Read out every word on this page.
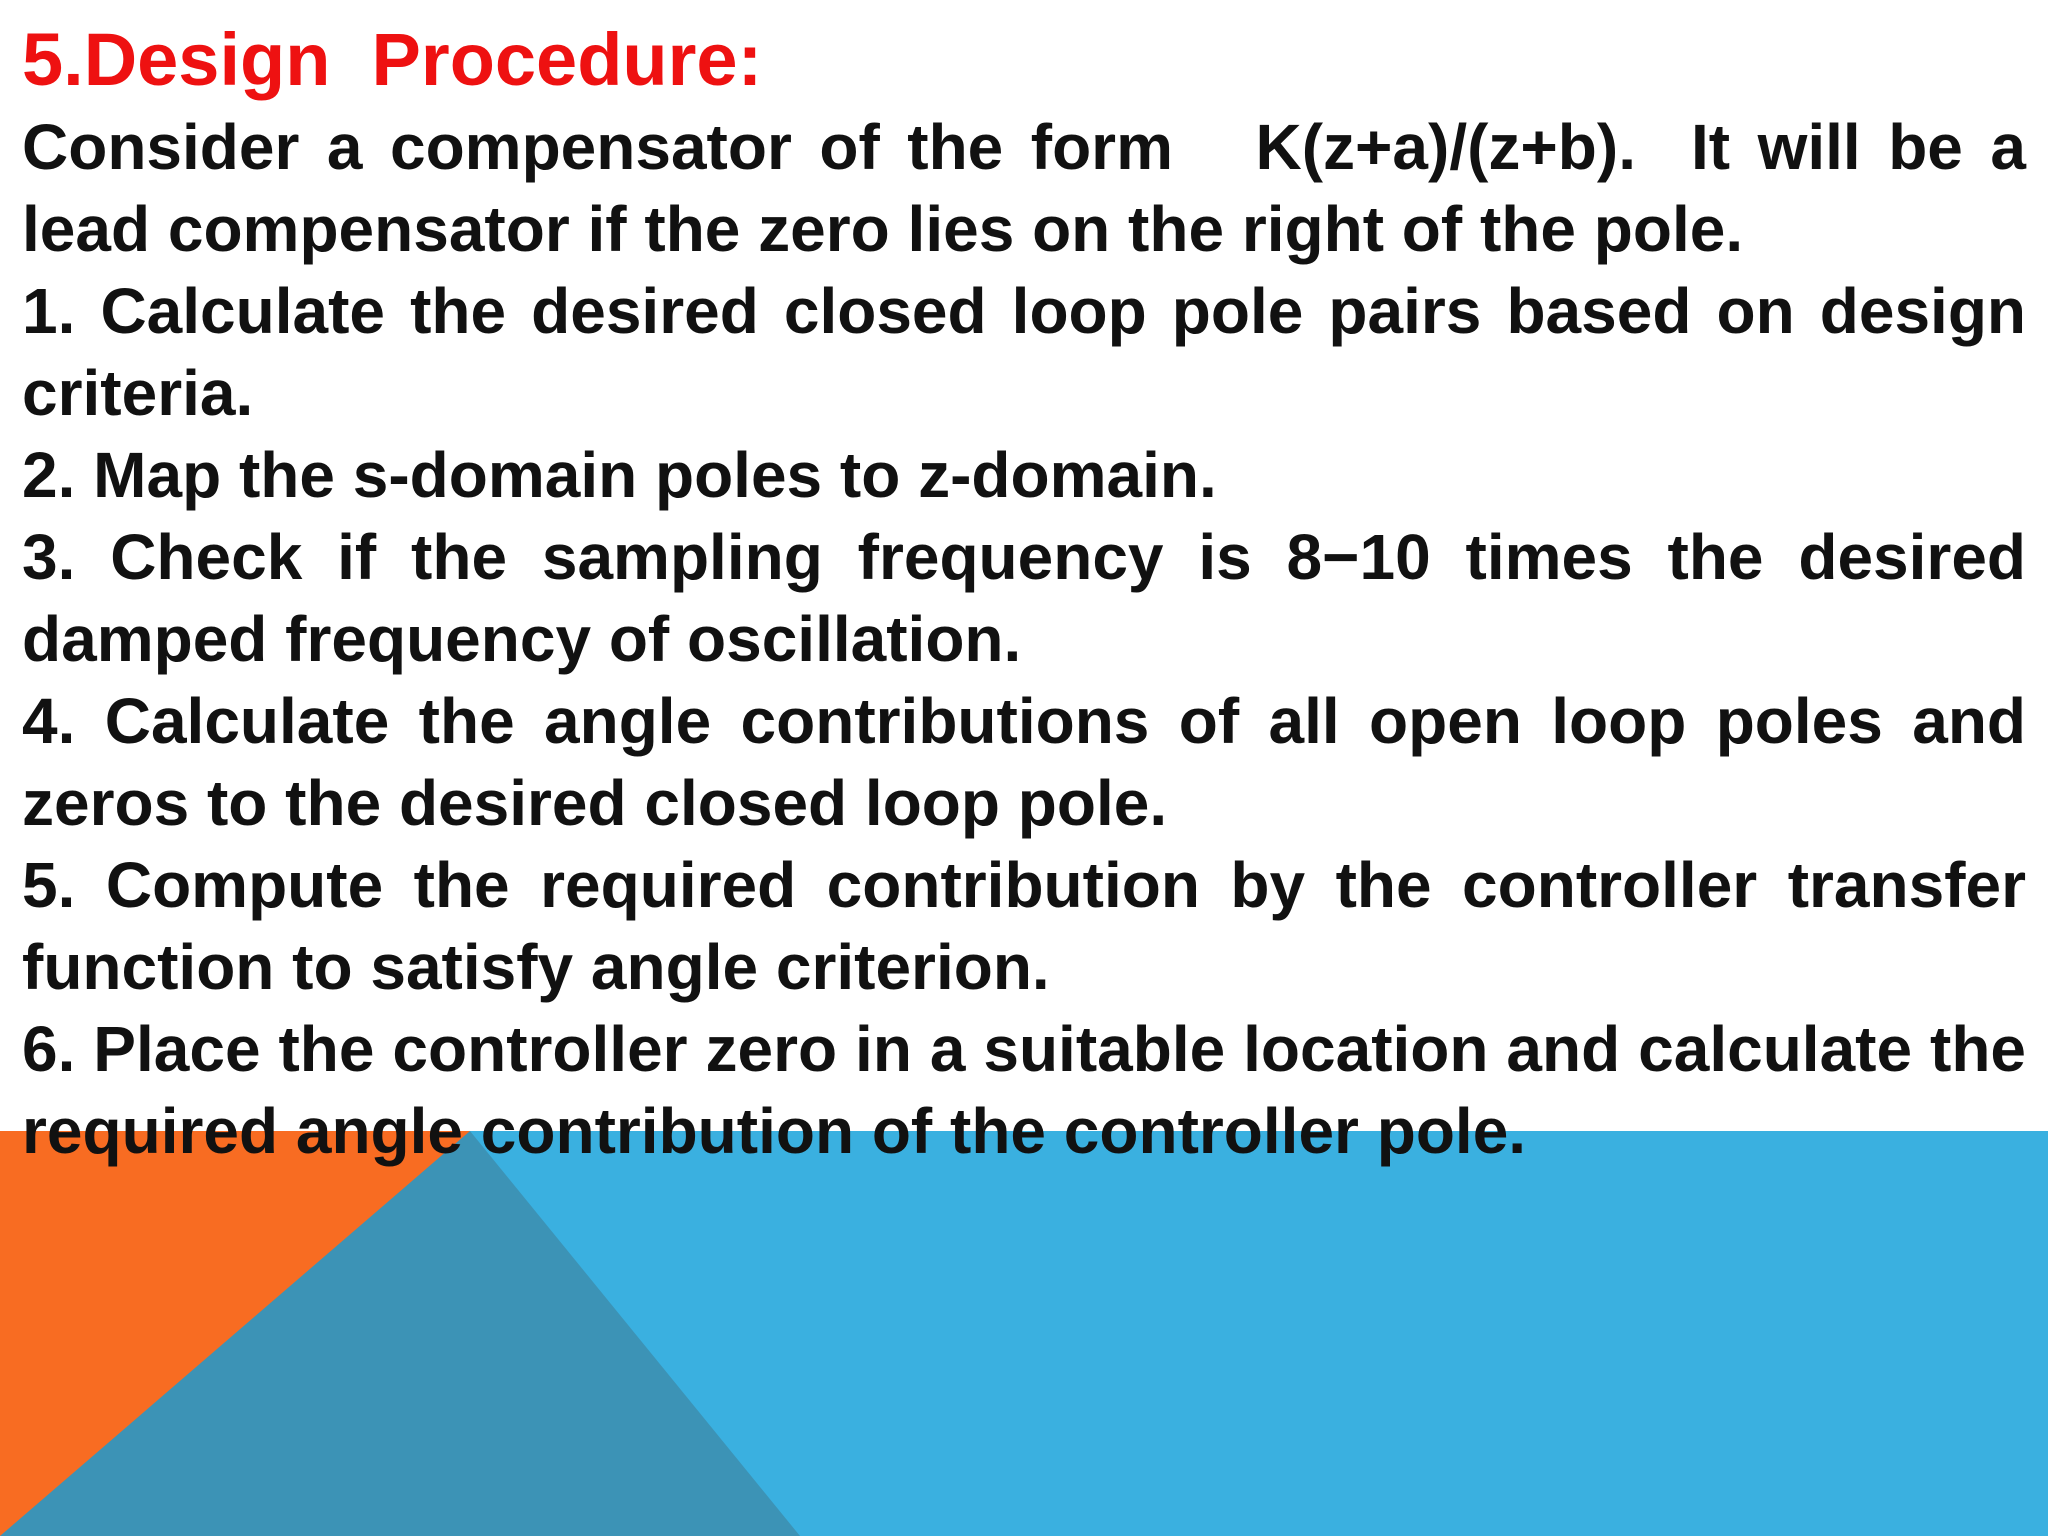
5.Design  Procedure:
Consider a compensator of the form   K(z+a)/(z+b).  It will be a lead compensator if the zero lies on the right of the pole.
1. Calculate the desired closed loop pole pairs based on design criteria.
2. Map the s-domain poles to z-domain.
3. Check if the sampling frequency is 8−10 times the desired damped frequency of oscillation.
4. Calculate the angle contributions of all open loop poles and zeros to the desired closed loop pole.
5. Compute the required contribution by the controller transfer function to satisfy angle criterion.
6. Place the controller zero in a suitable location and calculate the required angle contribution of the controller pole.
